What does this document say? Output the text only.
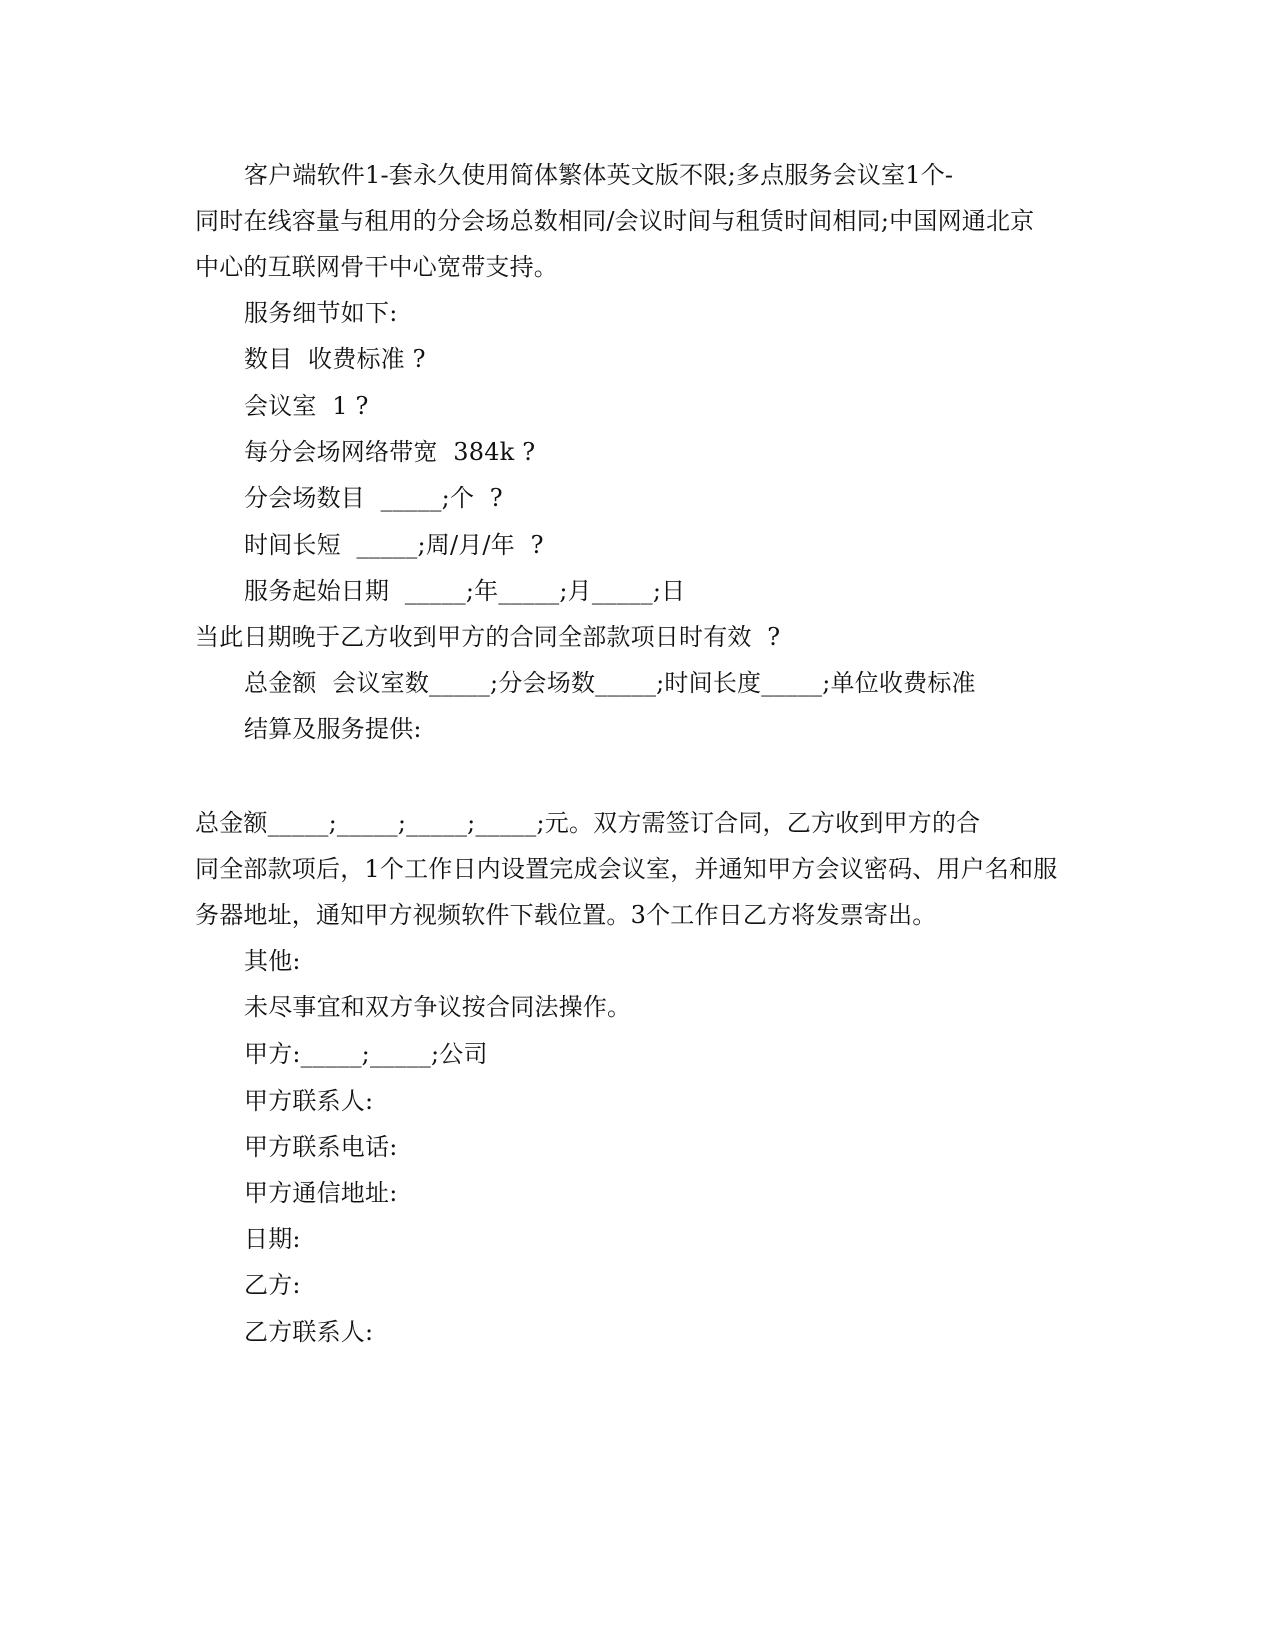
客户端软件1-套永久使用简体繁体英文版不限;多点服务会议室1个-
同时在线容量与租用的分会场总数相同/会议时间与租赁时间相同;中国网通北京
中心的互联网骨干中心宽带支持。
服务细节如下:
数目  收费标准 ?
会议室  1 ?
每分会场网络带宽  384k ?
分会场数目  _____;个  ?
时间长短  _____;周/月/年  ?
服务起始日期  _____;年_____;月_____;日
当此日期晚于乙方收到甲方的合同全部款项日时有效  ?
总金额  会议室数_____;分会场数_____;时间长度_____;单位收费标准
结算及服务提供:
总金额_____;_____;_____;_____;元。双方需签订合同，乙方收到甲方的合
同全部款项后，1个工作日内设置完成会议室，并通知甲方会议密码、用户名和服
务器地址，通知甲方视频软件下载位置。3个工作日乙方将发票寄出。
其他:
未尽事宜和双方争议按合同法操作。
甲方:_____;_____;公司
甲方联系人:
甲方联系电话:
甲方通信地址:
日期:
乙方:
乙方联系人:
